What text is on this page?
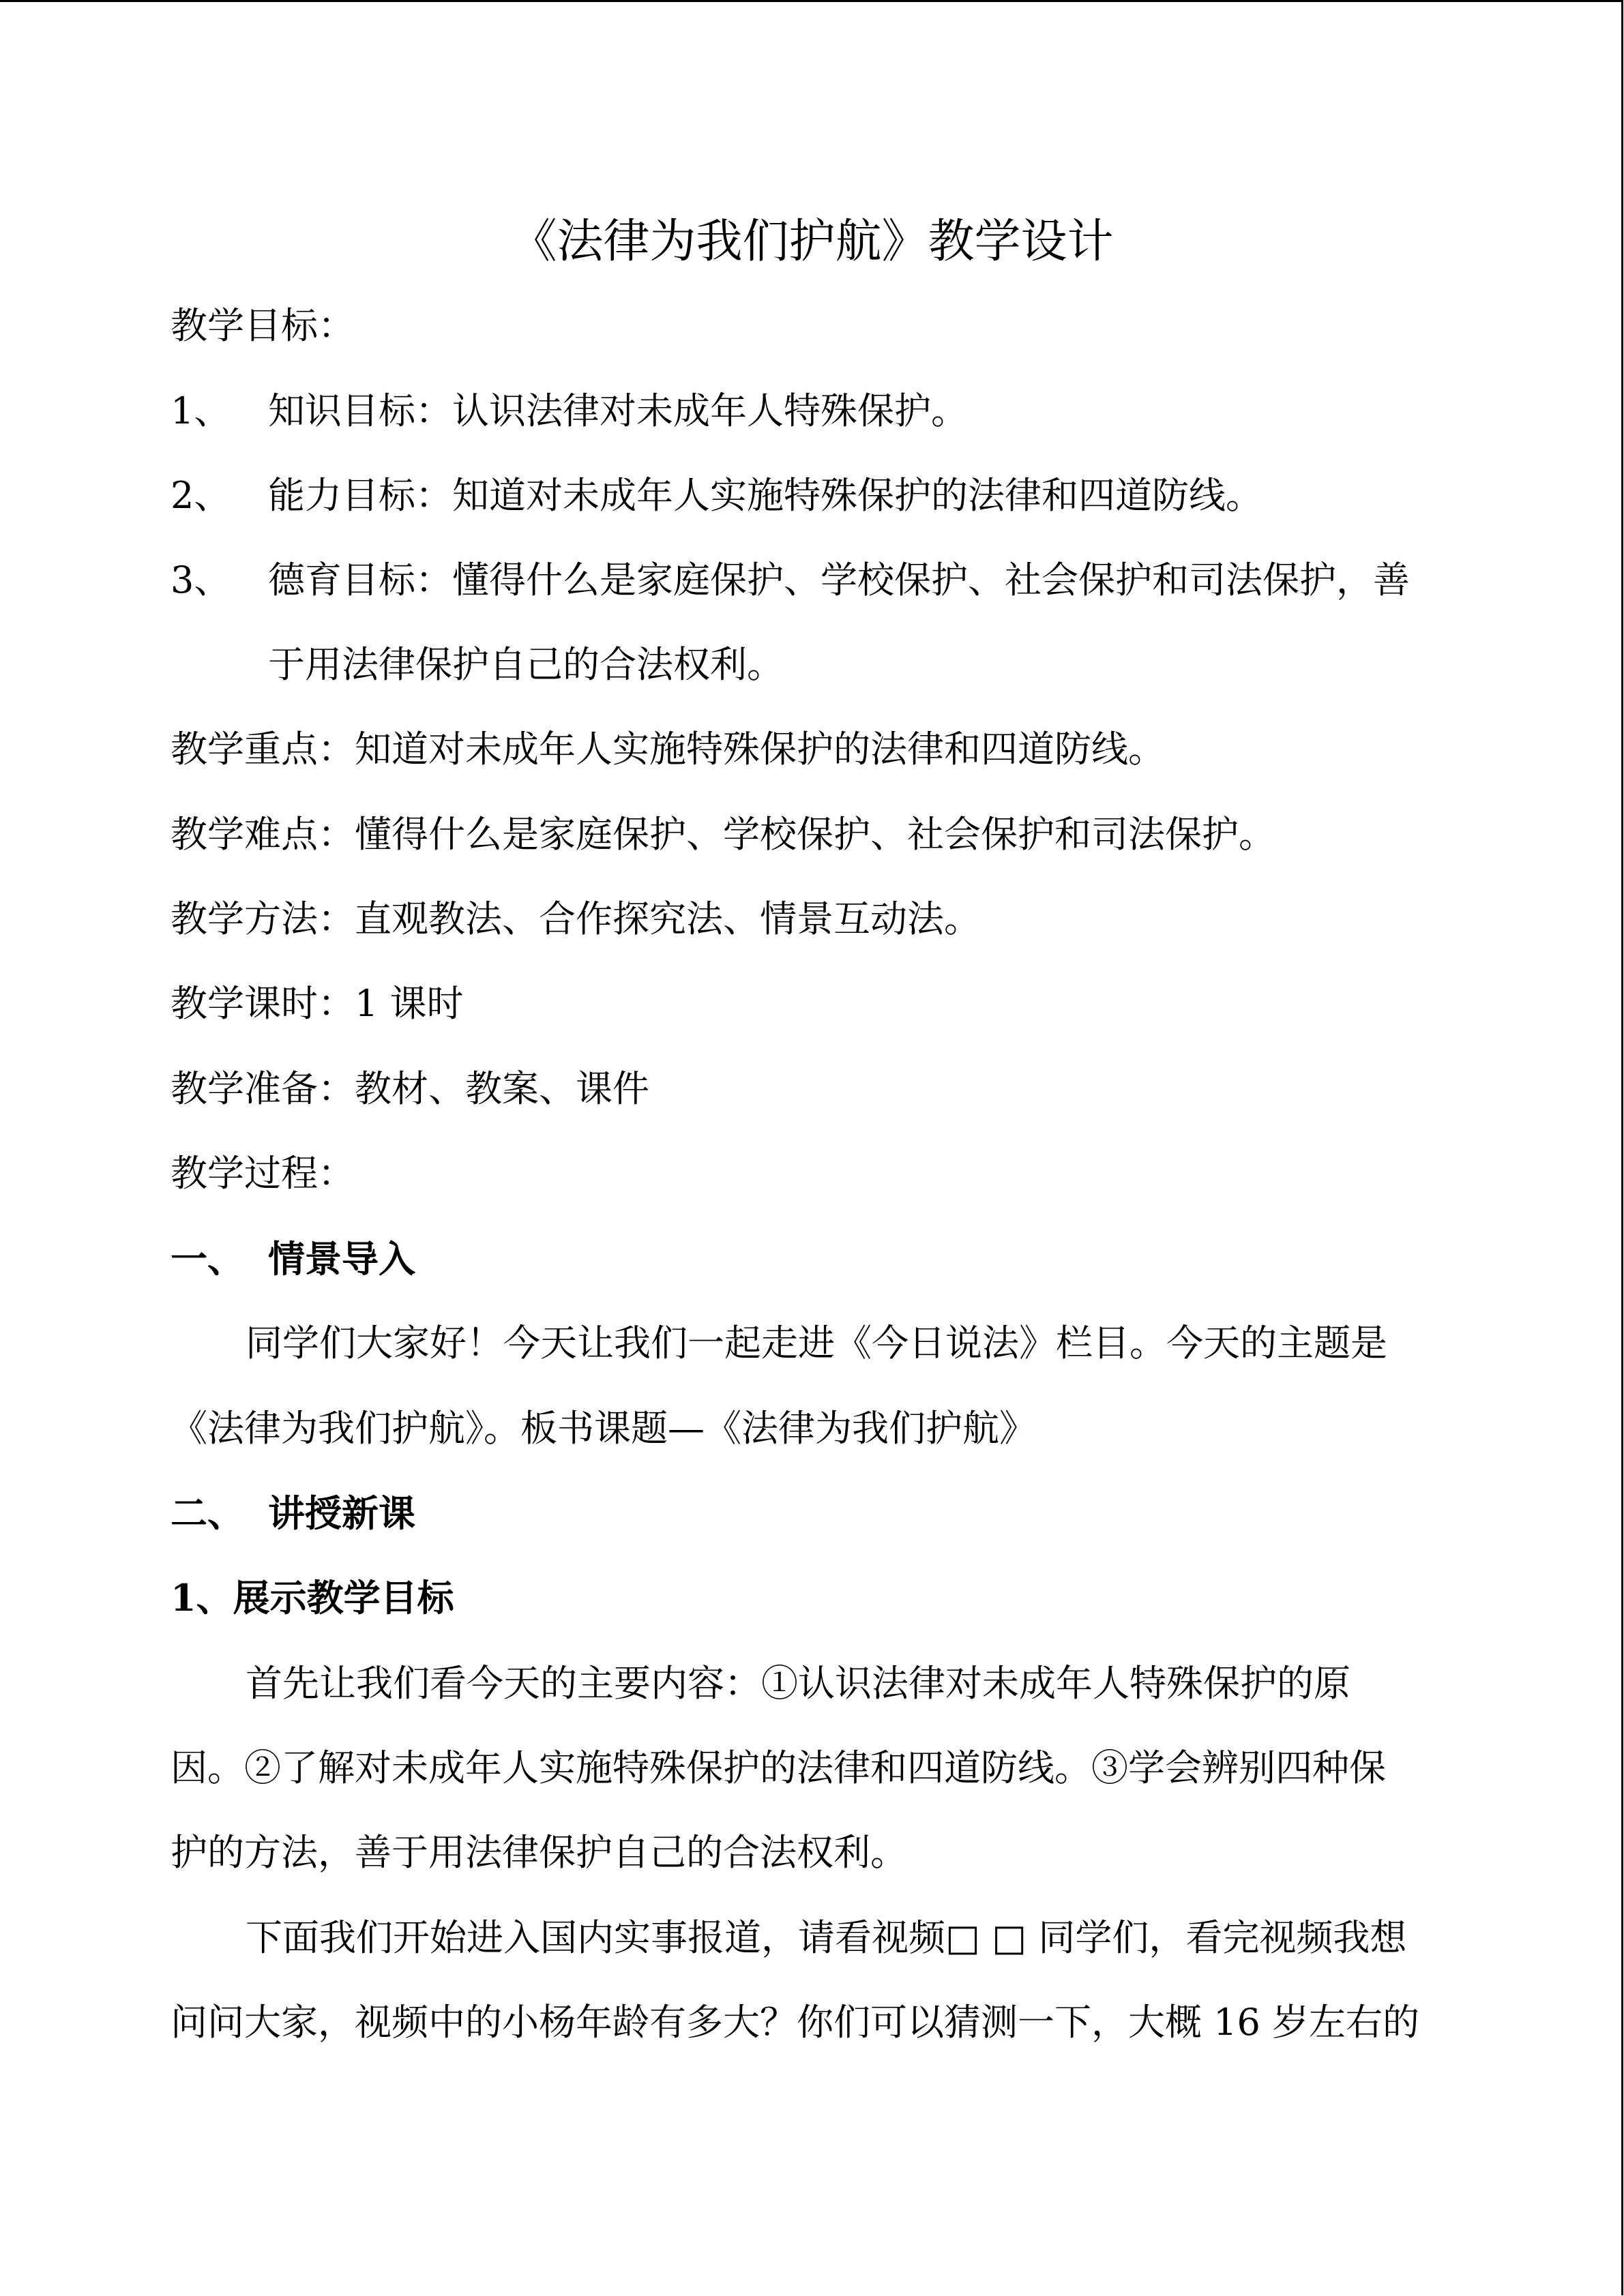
《法律为我们护航》教学设计
教学目标：
1、 知识目标：认识法律对未成年人特殊保护。
2、 能力目标：知道对未成年人实施特殊保护的法律和四道防线。
3、 德育目标：懂得什么是家庭保护、学校保护、社会保护和司法保护，善
于用法律保护自己的合法权利。
教学重点：知道对未成年人实施特殊保护的法律和四道防线。
教学难点：懂得什么是家庭保护、学校保护、社会保护和司法保护。
教学方法：直观教法、合作探究法、情景互动法。
教学课时：1 课时
教学准备：教材、教案、课件
教学过程：
一、 情景导入
同学们大家好！今天让我们一起走进《今日说法》栏目。今天的主题是
《法律为我们护航》。板书课题—《法律为我们护航》
二、 讲授新课
1、展示教学目标
首先让我们看今天的主要内容：①认识法律对未成年人特殊保护的原
因。②了解对未成年人实施特殊保护的法律和四道防线。③学会辨别四种保
护的方法，善于用法律保护自己的合法权利。
下面我们开始进入国内实事报道，请看视频□ □ 同学们，看完视频我想
问问大家，视频中的小杨年龄有多大？你们可以猜测一下，大概 16 岁左右的
